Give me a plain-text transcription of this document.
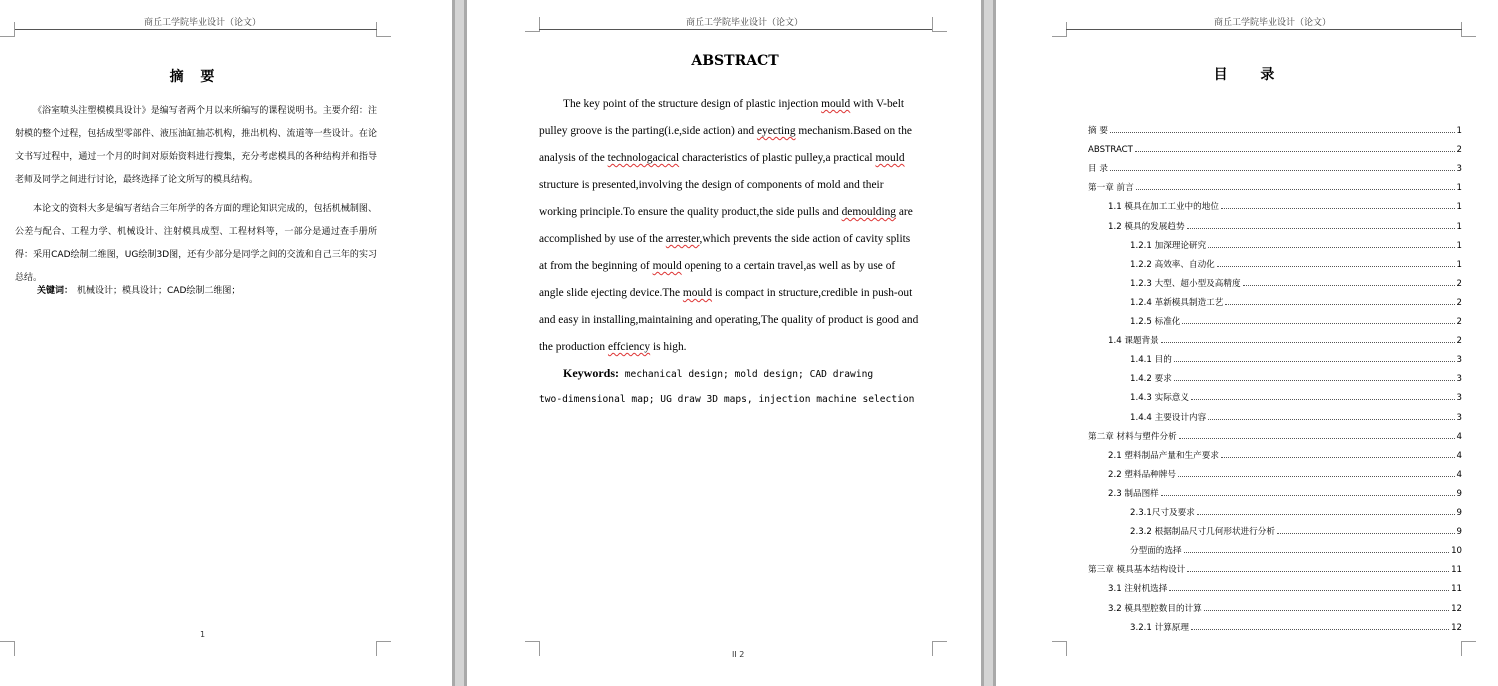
商丘工学院毕业设计（论文）
摘 要

《浴室喷头注塑模模具设计》是编写者两个月以来所编写的课程说明书。主要介绍：注射模的整个过程，包括成型零部件、液压油缸抽芯机构，推出机构、流道等一些设计。在论文书写过程中，通过一个月的时间对原始资料进行搜集，充分考虑模具的各种结构并和指导老师及同学之间进行讨论，最终选择了论文所写的模具结构。

本论文的资料大多是编写者结合三年所学的各方面的理论知识完成的，包括机械制图、公差与配合、工程力学、机械设计、注射模具成型、工程材料等，一部分是通过查手册所得：采用CAD绘制二维图，UG绘制3D图，还有少部分是同学之间的交流和自己三年的实习总结。

关键词： 机械设计；模具设计；CAD绘制二维图；
1
商丘工学院毕业设计（论文）
ABSTRACT

The key point of the structure design of plastic injection mould with V-belt pulley groove is the parting(i.e,side action) and eyecting mechanism.Based on the analysis of the technologacical characteristics of plastic pulley,a practical mould structure is presented,involving the design of components of mold and their working principle.To ensure the quality product,the side pulls and demoulding are accomplished by use of the arrester,which prevents the side action of cavity splits at from the beginning of mould opening to a certain travel,as well as by use of angle slide ejecting device.The mould is compact in structure,credible in push-out and easy in installing,maintaining and operating,The quality of product is good and the production effciency is high.

Keywords: mechanical design; mold design; CAD drawing
two-dimensional map; UG draw 3D maps, injection machine selection
II 2
商丘工学院毕业设计（论文）
目 录
摘 要	1
ABSTRACT	2
目 录	3
第一章 前言	1
1.1 模具在加工工业中的地位	1
1.2 模具的发展趋势	1
1.2.1 加深理论研究	1
1.2.2 高效率、自动化	1
1.2.3 大型、超小型及高精度	2
1.2.4 革新模具制造工艺	2
1.2.5 标准化	2
1.4 课题背景	2
1.4.1 目的	3
1.4.2 要求	3
1.4.3 实际意义	3
1.4.4 主要设计内容	3
第二章 材料与塑件分析	4
2.1 塑料制品产量和生产要求	4
2.2 塑料品种牌号	4
2.3 制品图样	9
2.3.1尺寸及要求	9
2.3.2 根据制品尺寸几何形状进行分析	9
分型面的选择	10
第三章 模具基本结构设计	11
3.1 注射机选择	11
3.2 模具型腔数目的计算	12
3.2.1 计算原理	12
